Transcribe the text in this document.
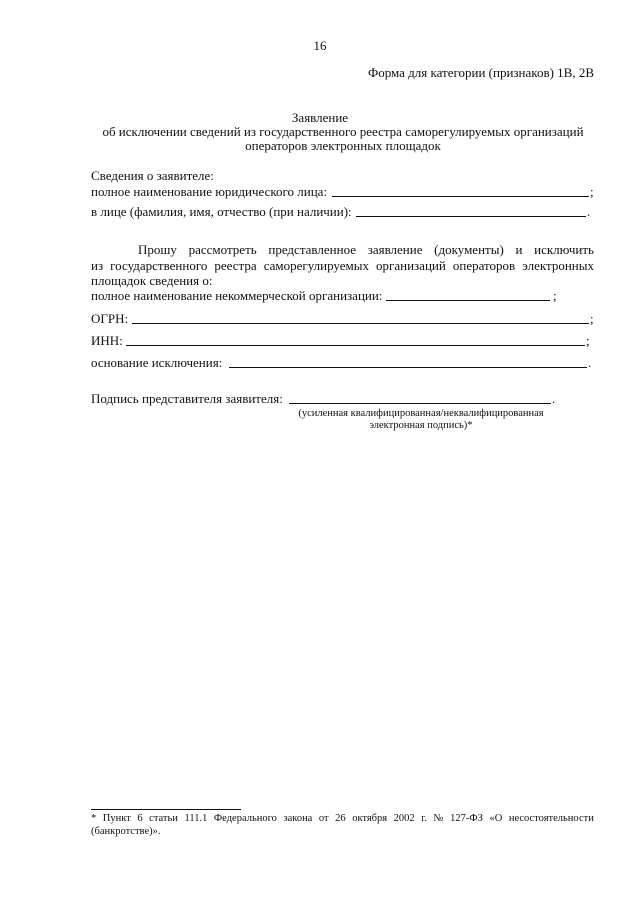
16
Форма для категории (признаков) 1В, 2В
Заявление
об исключении сведений из государственного реестра саморегулируемых организаций
операторов электронных площадок
Сведения о заявителе:
полное наименование юридического лица:	;
в лице (фамилия, имя, отчество (при наличии):	.
Прошу рассмотреть представленное заявление (документы) и исключить
из государственного реестра саморегулируемых организаций операторов электронных
площадок сведения о:
полное наименование некоммерческой организации:	;
ОГРН:	;
ИНН:	;
основание исключения:	.
Подпись представителя заявителя:	.
(усиленная квалифицированная/неквалифицированная
электронная подпись)*
* Пункт 6 статьи 111.1 Федерального закона от 26 октября 2002 г. № 127-ФЗ «О несостоятельности
(банкротстве)».
